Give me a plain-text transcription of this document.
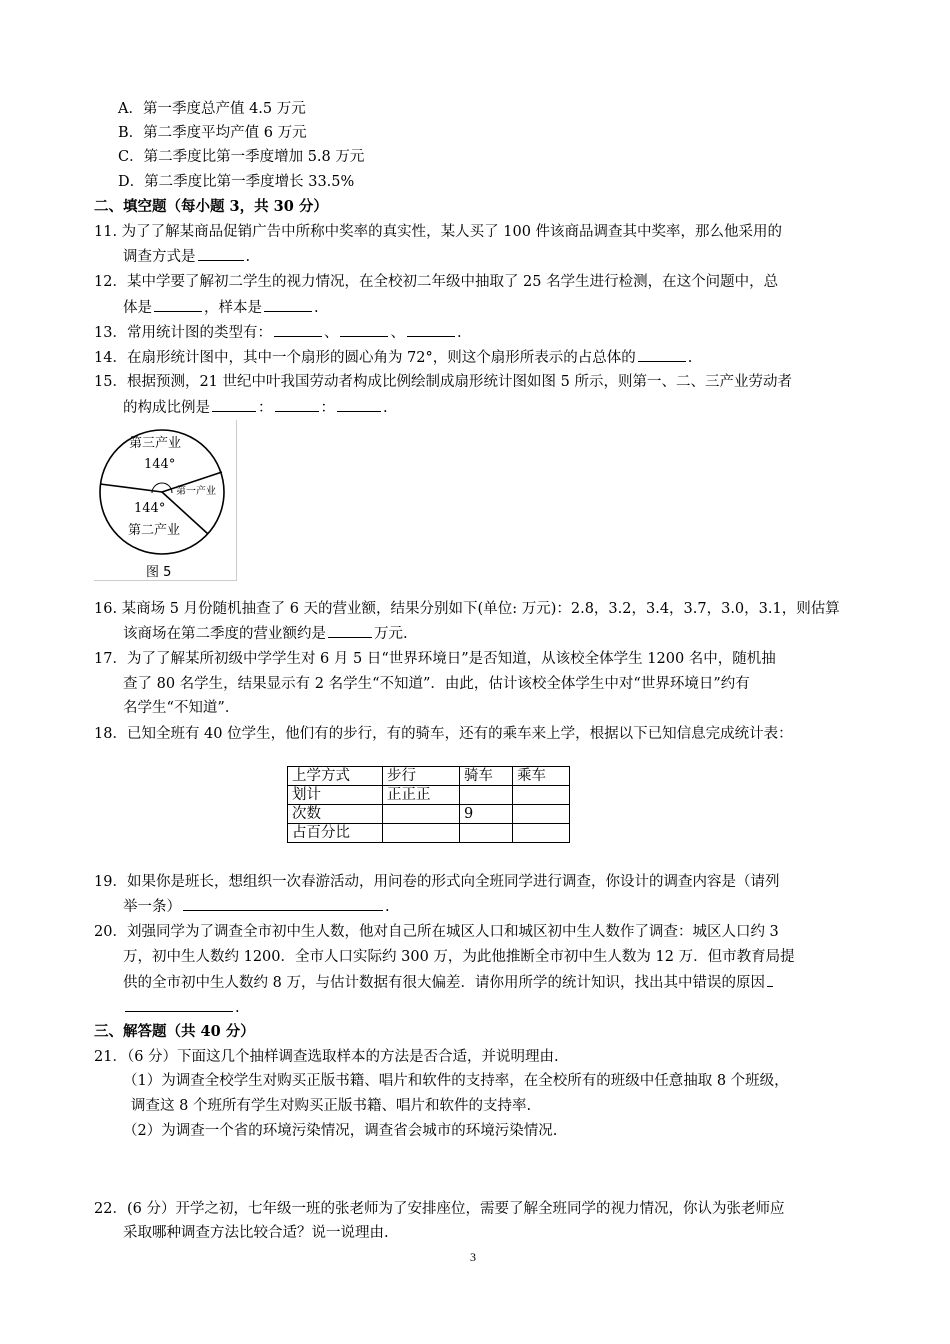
A．第一季度总产值 4.5 万元
B．第二季度平均产值 6 万元
C．第二季度比第一季度增加 5.8 万元
D．第二季度比第一季度增长 33.5%
二、填空题（每小题 3，共 30 分）
11. 为了了解某商品促销广告中所称中奖率的真实性，某人买了 100 件该商品调查其中奖率，那么他采用的
调查方式是	.
12．某中学要了解初二学生的视力情况，在全校初二年级中抽取了 25 名学生进行检测，在这个问题中，总
体是	，样本是	.
13．常用统计图的类型有：	、	、	.
14．在扇形统计图中，其中一个扇形的圆心角为 72°，则这个扇形所表示的占总体的	.
15．根据预测，21 世纪中叶我国劳动者构成比例绘制成扇形统计图如图 5 所示，则第一、二、三产业劳动者
的构成比例是	：	：	.
第三产业
144°
第一产业
144°
第二产业
图 5
16. 某商场 5 月份随机抽查了 6 天的营业额，结果分别如下(单位: 万元)：2.8，3.2，3.4，3.7，3.0，3.1，则估算
该商场在第二季度的营业额约是	万元.
17．为了了解某所初级中学学生对 6 月 5 日“世界环境日”是否知道，从该校全体学生 1200 名中，随机抽
查了 80 名学生，结果显示有 2 名学生“不知道”．由此，估计该校全体学生中对“世界环境日”约有
名学生“不知道”．
18．已知全班有 40 位学生，他们有的步行，有的骑车，还有的乘车来上学，根据以下已知信息完成统计表：
上学方式	步行	骑车	乘车
划计	正正正		
次数		9	
占百分比			
19．如果你是班长，想组织一次春游活动，用问卷的形式向全班同学进行调查，你设计的调查内容是（请列
举一条）	.
20．刘强同学为了调查全市初中生人数，他对自己所在城区人口和城区初中生人数作了调查：城区人口约 3
万，初中生人数约 1200．全市人口实际约 300 万，为此他推断全市初中生人数为 12 万．但市教育局提
供的全市初中生人数约 8 万，与估计数据有很大偏差．请你用所学的统计知识，找出其中错误的原因
.
三、解答题（共 40 分）
21．（6 分）下面这几个抽样调查选取样本的方法是否合适，并说明理由.
（1）为调查全校学生对购买正版书籍、唱片和软件的支持率，在全校所有的班级中任意抽取 8 个班级，
调查这 8 个班所有学生对购买正版书籍、唱片和软件的支持率.
（2）为调查一个省的环境污染情况，调查省会城市的环境污染情况.
22．(6 分）开学之初，七年级一班的张老师为了安排座位，需要了解全班同学的视力情况，你认为张老师应
采取哪种调查方法比较合适？说一说理由.
3
